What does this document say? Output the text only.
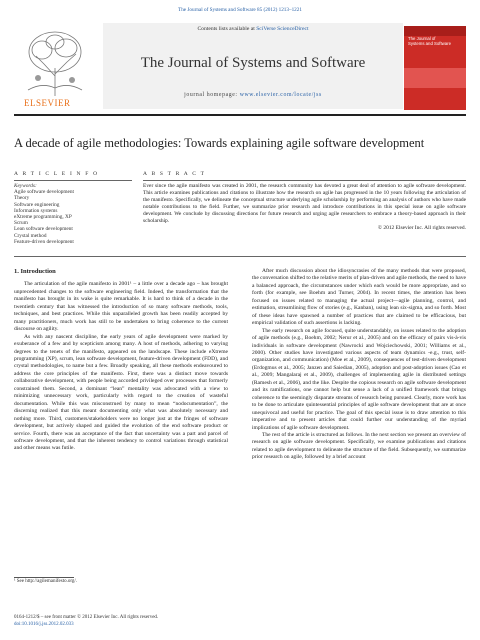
The Journal of Systems and Software 85 (2012) 1213–1221
Contents lists available at SciVerse ScienceDirect
The Journal of Systems and Software
journal homepage: www.elsevier.com/locate/jss
ELSEVIER
The Journal of
Systems and Software
A decade of agile methodologies: Towards explaining agile software development
A R T I C L E I N F O	A B S T R A C T
Keywords:
Agile software development
Theory
Software engineering
Information systems
eXtreme programming, XP
Scrum
Lean software development
Crystal method
Feature-driven development
Ever since the agile manifesto was created in 2001, the research community has devoted a great deal of attention to agile software development. This article examines publications and citations to illustrate how the research on agile has progressed in the 10 years following the articulation of the manifesto. Specifically, we delineate the conceptual structure underlying agile scholarship by performing an analysis of authors who have made notable contributions to the field. Further, we summarize prior research and introduce contributions in this special issue on agile software development. We conclude by discussing directions for future research and urging agile researchers to embrace a theory-based approach in their scholarship.
© 2012 Elsevier Inc. All rights reserved.
1. Introduction

The articulation of the agile manifesto in 2001¹ – a little over a decade ago – has brought unprecedented changes to the software engineering field. Indeed, the transformation that the manifesto has brought in its wake is quite remarkable. It is hard to think of a decade in the twentieth century that has witnessed the introduction of so many software methods, tools, techniques, and best practices. While this unparalleled growth has been readily accepted by many practitioners, much work has still to be undertaken to bring coherence to the current discourse on agility.

As with any nascent discipline, the early years of agile development were marked by exuberance of a few and by scepticism among many. A host of methods, adhering to varying degrees to the tenets of the manifesto, appeared on the landscape. These include eXtreme programming (XP), scrum, lean software development, feature-driven development (FDD), and crystal methodologies, to name but a few. Broadly speaking, all these methods endeavoured to address the core principles of the manifesto. First, there was a distinct move towards collaborative development, with people being accorded privileged over processes that formerly constrained them. Second, a dominant “lean” mentality was advocated with a view to minimizing unnecessary work, particularly with regard to the creation of wasteful documentation. While this was misconstrued by many to mean “nodocumentation”, the discerning realized that this meant documenting only what was absolutely necessary and nothing more. Third, customers/stakeholders were no longer just at the fringes of software development, but actively shaped and guided the evolution of the end software product or service. Fourth, there was an acceptance of the fact that uncertainty was a part and parcel of software development, and that the inherent tendency to control variations through statistical and other means was futile.

After much discussion about the idiosyncrasies of the many methods that were proposed, the conversation shifted to the relative merits of plan-driven and agile methods, the need to have a balanced approach, the circumstances under which each would be more appropriate, and so forth (for example, see Boehm and Turner, 2004). In recent times, the attention has been focused on issues related to managing the actual project—agile planning, control, and estimation, streamlining flow of stories (e.g., Kanban), using lean six-sigma, and so forth. Most of these ideas have spawned a number of practices that are claimed to be efficacious, but empirical validation of such assertions is lacking.

The early research on agile focused, quite understandably, on issues related to the adoption of agile methods (e.g., Boehm, 2002; Nerur et al., 2005) and on the efficacy of pairs vis-à-vis individuals in software development (Nawrocki and Wojciechowski, 2001; Williams et al., 2000). Other studies have investigated various aspects of team dynamics -e.g., trust, self-organization, and communication) (Moe et al., 2009), consequences of test-driven development (Erdogmus et al., 2005; Janzen and Saiedian, 2005), adoption and post-adoption issues (Cao et al., 2009; Mangalaraj et al., 2009), challenges of implementing agile in distributed settings (Ramesh et al., 2006), and the like. Despite the copious research on agile software development and its ramifications, one cannot help but sense a lack of a unified framework that brings coherence to the seemingly disparate streams of research being pursued. Clearly, more work has to be done to articulate quintessential principles of agile software development that are at once unequivocal and useful for practice. The goal of this special issue is to draw attention to this imperative and to present articles that could further our understanding of the myriad implications of agile software development.

The rest of the article is structured as follows. In the next section we present an overview of research on agile software development. Specifically, we examine publications and citations related to agile development to delineate the structure of the field. Subsequently, we summarize prior research on agile, followed by a brief account

¹ See http://agilemanifesto.org/.
0164-1212/$ – see front matter © 2012 Elsevier Inc. All rights reserved.
doi:10.1016/j.jss.2012.02.033
